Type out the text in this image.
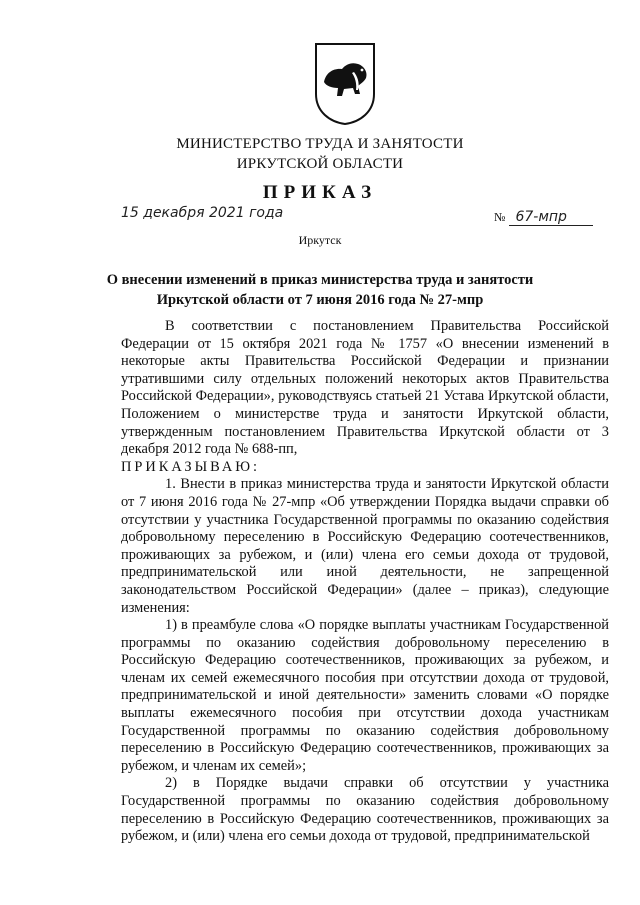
МИНИСТЕРСТВО ТРУДА И ЗАНЯТОСТИ
ИРКУТСКОЙ ОБЛАСТИ
ПРИКАЗ
15 декабря 2021 года	№ 67-мпр
Иркутск
О внесении изменений в приказ министерства труда и занятости
Иркутской области от 7 июня 2016 года № 27-мпр

В соответствии с постановлением Правительства Российской Федерации от 15 октября 2021 года № 1757 «О внесении изменений в некоторые акты Правительства Российской Федерации и признании утратившими силу отдельных положений некоторых актов Правительства Российской Федерации», руководствуясь статьей 21 Устава Иркутской области, Положением о министерстве труда и занятости Иркутской области, утвержденным постановлением Правительства Иркутской области от 3 декабря 2012 года № 688-пп,

ПРИКАЗЫВАЮ:

1. Внести в приказ министерства труда и занятости Иркутской области от 7 июня 2016 года № 27-мпр «Об утверждении Порядка выдачи справки об отсутствии у участника Государственной программы по оказанию содействия добровольному переселению в Российскую Федерацию соотечественников, проживающих за рубежом, и (или) члена его семьи дохода от трудовой, предпринимательской или иной деятельности, не запрещенной законодательством Российской Федерации» (далее – приказ), следующие изменения:

1) в преамбуле слова «О порядке выплаты участникам Государственной программы по оказанию содействия добровольному переселению в Российскую Федерацию соотечественников, проживающих за рубежом, и членам их семей ежемесячного пособия при отсутствии дохода от трудовой, предпринимательской и иной деятельности» заменить словами «О порядке выплаты ежемесячного пособия при отсутствии дохода участникам Государственной программы по оказанию содействия добровольному переселению в Российскую Федерацию соотечественников, проживающих за рубежом, и членам их семей»;

2) в Порядке выдачи справки об отсутствии у участника Государственной программы по оказанию содействия добровольному переселению в Российскую Федерацию соотечественников, проживающих за рубежом, и (или) члена его семьи дохода от трудовой, предпринимательской
